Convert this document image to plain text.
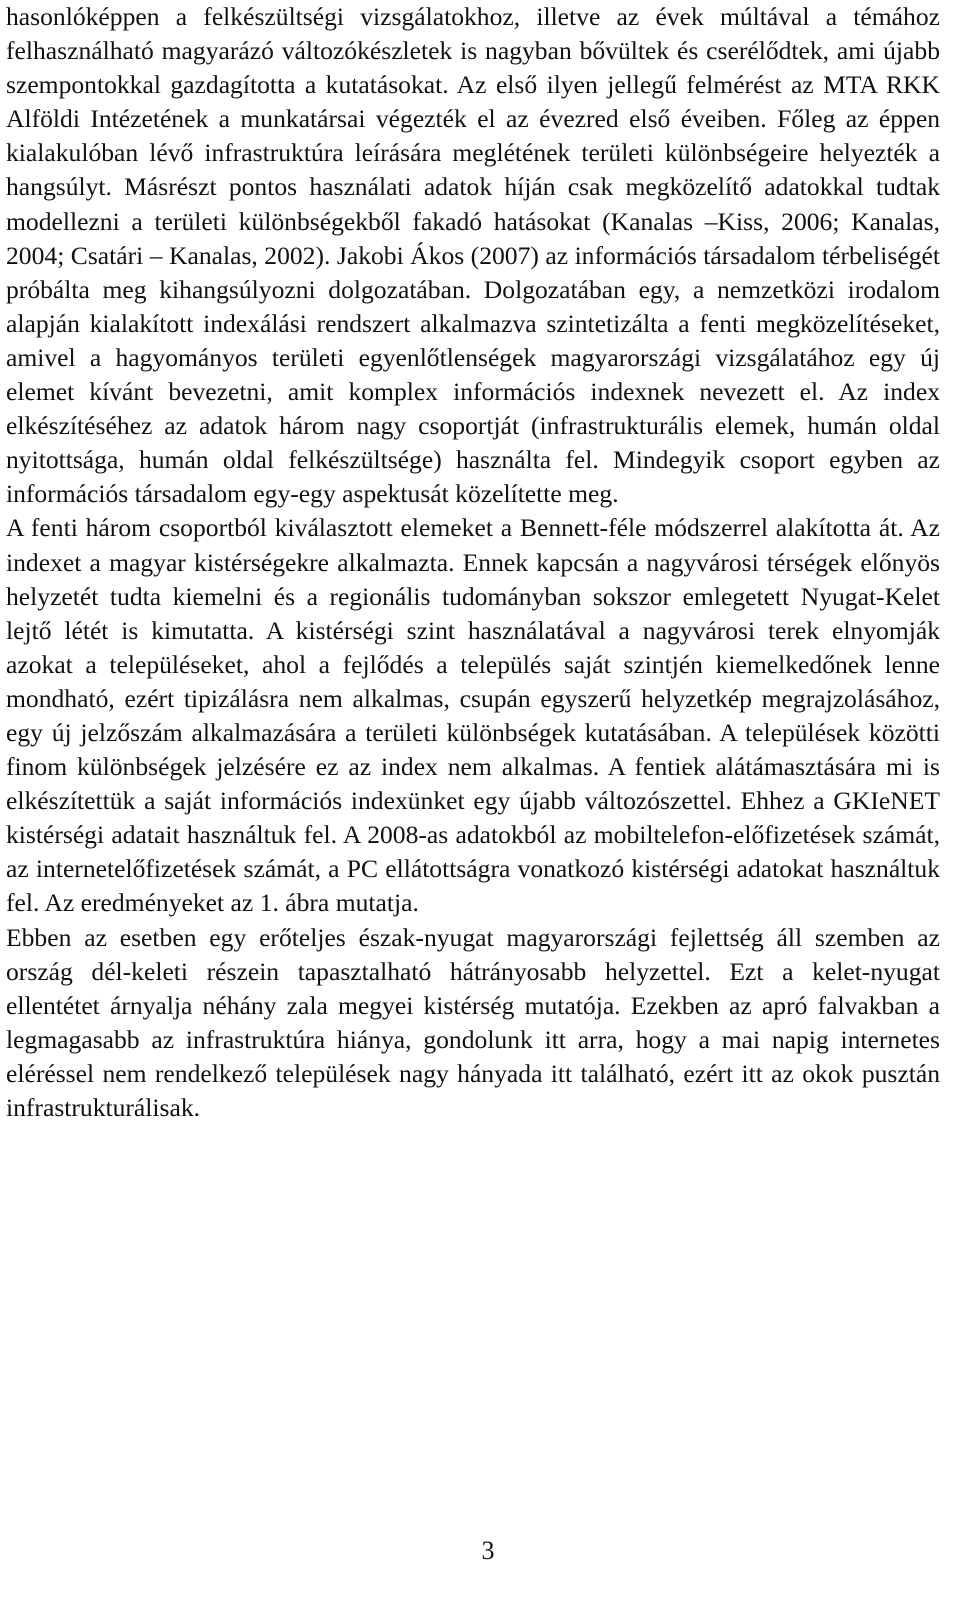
hasonlóképpen a felkészültségi vizsgálatokhoz, illetve az évek múltával a témához felhasználható magyarázó változókészletek is nagyban bővültek és cserélődtek, ami újabb szempontokkal gazdagította a kutatásokat. Az első ilyen jellegű felmérést az MTA RKK Alföldi Intézetének a munkatársai végezték el az évezred első éveiben. Főleg az éppen kialakulóban lévő infrastruktúra leírására meglétének területi különbségeire helyezték a hangsúlyt. Másrészt pontos használati adatok híján csak megközelítő adatokkal tudtak modellezni a területi különbségekből fakadó hatásokat (Kanalas –Kiss, 2006; Kanalas, 2004; Csatári – Kanalas, 2002). Jakobi Ákos (2007) az információs társadalom térbeliségét próbálta meg kihangsúlyozni dolgozatában. Dolgozatában egy, a nemzetközi irodalom alapján kialakított indexálási rendszert alkalmazva szintetizálta a fenti megközelítéseket, amivel a hagyományos területi egyenlőtlenségek magyarországi vizsgálatához egy új elemet kívánt bevezetni, amit komplex információs indexnek nevezett el. Az index elkészítéséhez az adatok három nagy csoportját (infrastrukturális elemek, humán oldal nyitottsága, humán oldal felkészültsége) használta fel. Mindegyik csoport egyben az információs társadalom egy-egy aspektusát közelítette meg.

A fenti három csoportból kiválasztott elemeket a Bennett-féle módszerrel alakította át. Az indexet a magyar kistérségekre alkalmazta. Ennek kapcsán a nagyvárosi térségek előnyös helyzetét tudta kiemelni és a regionális tudományban sokszor emlegetett Nyugat-Kelet lejtő létét is kimutatta. A kistérségi szint használatával a nagyvárosi terek elnyomják azokat a településeket, ahol a fejlődés a település saját szintjén kiemelkedőnek lenne mondható, ezért tipizálásra nem alkalmas, csupán egyszerű helyzetkép megrajzolásához, egy új jelzőszám alkalmazására a területi különbségek kutatásában. A települések közötti finom különbségek jelzésére ez az index nem alkalmas. A fentiek alátámasztására mi is elkészítettük a saját információs indexünket egy újabb változószettel. Ehhez a GKIeNET kistérségi adatait használtuk fel. A 2008-as adatokból az mobiltelefon-előfizetések számát, az internetelőfizetések számát, a PC ellátottságra vonatkozó kistérségi adatokat használtuk fel. Az eredményeket az 1. ábra mutatja.

Ebben az esetben egy erőteljes észak-nyugat magyarországi fejlettség áll szemben az ország dél-keleti részein tapasztalható hátrányosabb helyzettel. Ezt a kelet-nyugat ellentétet árnyalja néhány zala megyei kistérség mutatója. Ezekben az apró falvakban a legmagasabb az infrastruktúra hiánya, gondolunk itt arra, hogy a mai napig internetes eléréssel nem rendelkező települések nagy hányada itt található, ezért itt az okok pusztán infrastrukturálisak.

3
